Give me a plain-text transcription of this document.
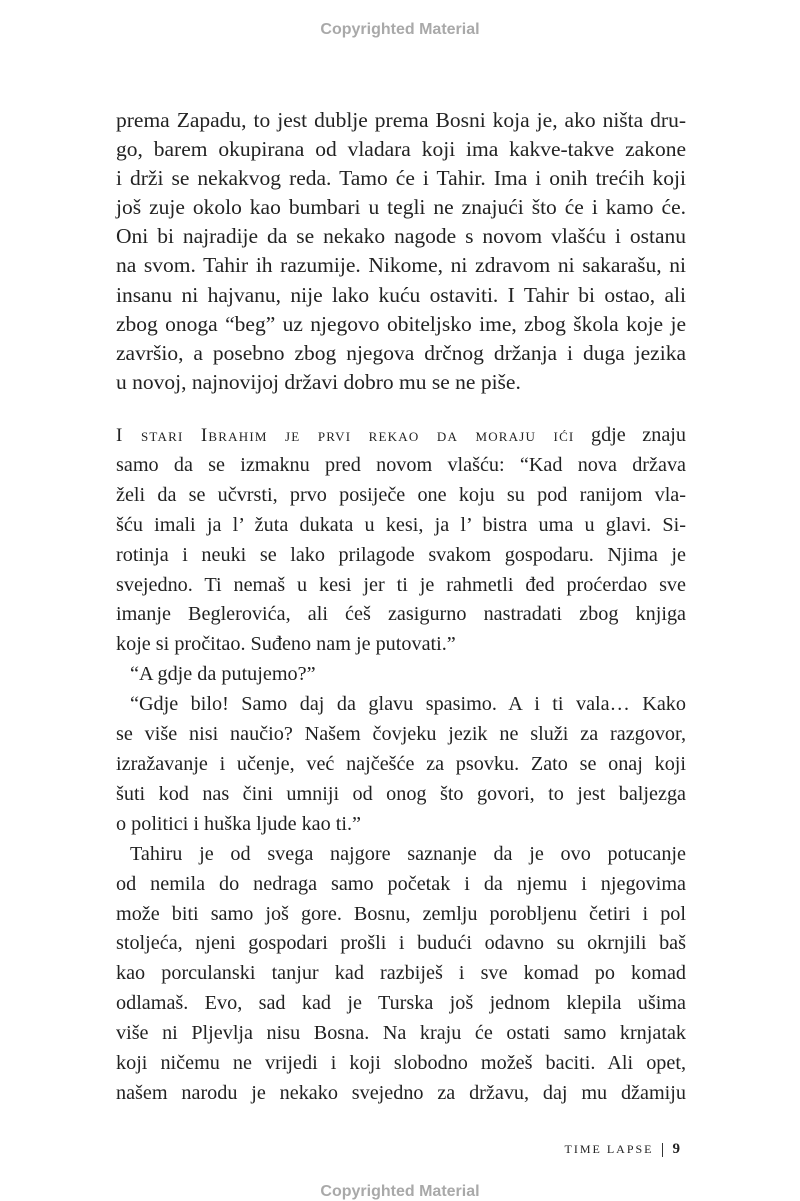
Copyrighted Material
prema Zapadu, to jest dublje prema Bosni koja je, ako ništa dru-
go, barem okupirana od vladara koji ima kakve-takve zakone
i drži se nekakvog reda. Tamo će i Tahir. Ima i onih trećih koji
još zuje okolo kao bumbari u tegli ne znajući što će i kamo će.
Oni bi najradije da se nekako nagode s novom vlašću i ostanu
na svom. Tahir ih razumije. Nikome, ni zdravom ni sakarašu, ni
insanu ni hajvanu, nije lako kuću ostaviti. I Tahir bi ostao, ali
zbog onoga “beg” uz njegovo obiteljsko ime, zbog škola koje je
završio, a posebno zbog njegova drčnog držanja i duga jezika
u novoj, najnovijoj državi dobro mu se ne piše.
I stari Ibrahim je prvi rekao da moraju ići gdje znaju
samo da se izmaknu pred novom vlašću: “Kad nova država
želi da se učvrsti, prvo posiječe one koju su pod ranijom vla-
šću imali ja l’ žuta dukata u kesi, ja l’ bistra uma u glavi. Si-
rotinja i neuki se lako prilagode svakom gospodaru. Njima je
svejedno. Ti nemaš u kesi jer ti je rahmetli đed proćerdao sve
imanje Beglerovića, ali ćeš zasigurno nastradati zbog knjiga
koje si pročitao. Suđeno nam je putovati.”
“A gdje da putujemo?”
“Gdje bilo! Samo daj da glavu spasimo. A i ti vala… Kako
se više nisi naučio? Našem čovjeku jezik ne služi za razgovor,
izražavanje i učenje, već najčešće za psovku. Zato se onaj koji
šuti kod nas čini umniji od onog što govori, to jest baljezga
o politici i huška ljude kao ti.”
Tahiru je od svega najgore saznanje da je ovo potucanje
od nemila do nedraga samo početak i da njemu i njegovima
može biti samo još gore. Bosnu, zemlju porobljenu četiri i pol
stoljeća, njeni gospodari prošli i budući odavno su okrnjili baš
kao porculanski tanjur kad razbiješ i sve komad po komad
odlamaš. Evo, sad kad je Turska još jednom klepila ušima
više ni Pljevlja nisu Bosna. Na kraju će ostati samo krnjatak
koji ničemu ne vrijedi i koji slobodno možeš baciti. Ali opet,
našem narodu je nekako svejedno za državu, daj mu džamiju
TIME LAPSE 9
Copyrighted Material
